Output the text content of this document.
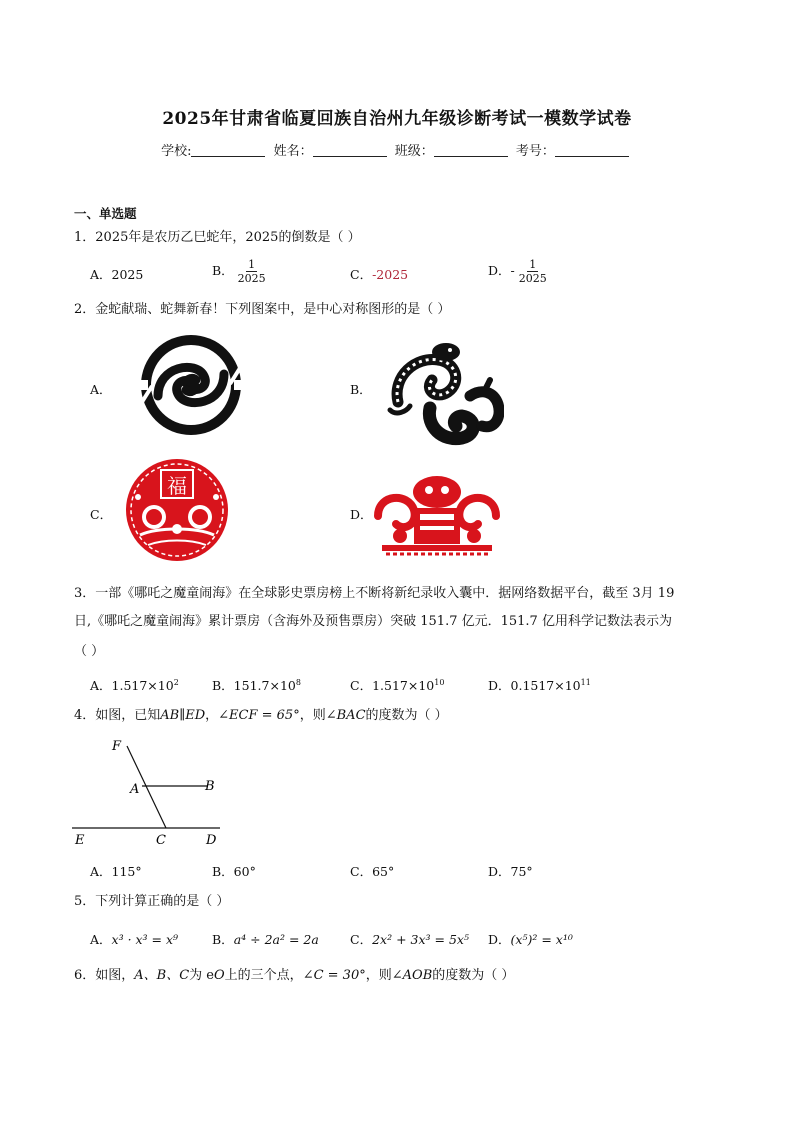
2025年甘肃省临夏回族自治州九年级诊断考试一模数学试卷
学校:	姓名：	班级：	考号：
一、单选题
1．2025年是农历乙巳蛇年，2025的倒数是（ ）
A．2025	B． $\frac{1}{2025}$	C．-2025	D．- $\frac{1}{2025}$
2．金蛇献瑞、蛇舞新春！下列图案中，是中心对称图形的是（ ）
A．	B．
C．	D．
福
3．一部《哪吒之魔童闹海》在全球影史票房榜上不断将新纪录收入囊中．据网络数据平台，截至 3月 19
日,《哪吒之魔童闹海》累计票房（含海外及预售票房）突破 151.7 亿元．151.7 亿用科学记数法表示为
（ ）
A．$1.517\times 10^2$	B．$151.7\times 10^8$	C．$1.517\times 10^{10}$	D．$0.1517\times 10^{11}$
4．如图，已知AB∥ED，∠ECF = 65°，则∠BAC的度数为（ ）
F
A	B
E	C	D
A．115°	B．60°	C．65°	D．75°
5．下列计算正确的是（ ）
A．x³ · x³ = x⁹	B．a⁴ ÷ 2a² = 2a C．2x² + 3x³ = 5x⁵ D．(x⁵)² = x¹⁰
6．如图，A、B、C为 eO上的三个点，∠C = 30°，则∠AOB的度数为（ ）
